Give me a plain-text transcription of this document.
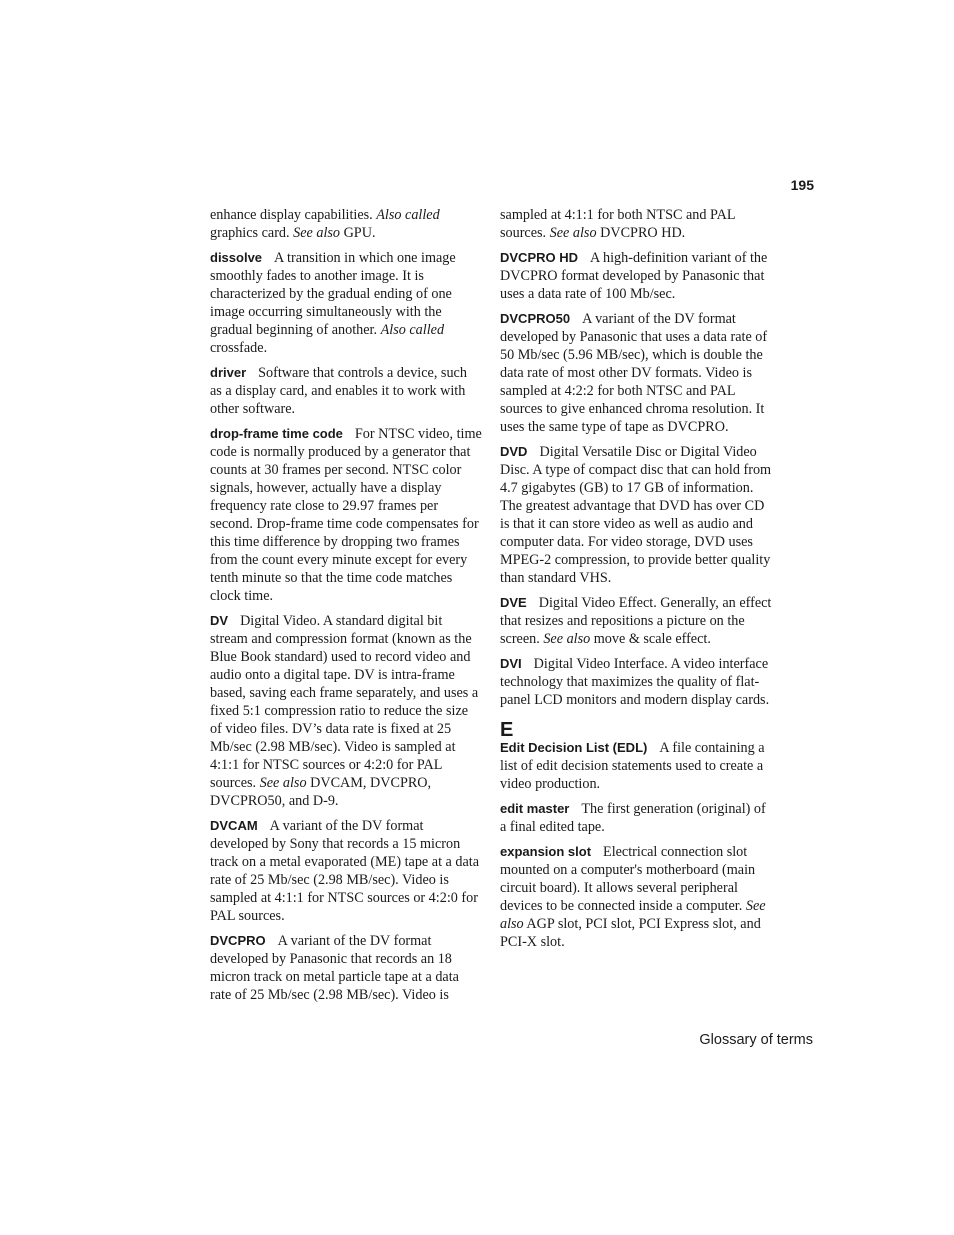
195

enhance display capabilities. Also called graphics card. See also GPU.

dissolve A transition in which one image smoothly fades to another image. It is characterized by the gradual ending of one image occurring simultaneously with the gradual beginning of another. Also called crossfade.

driver Software that controls a device, such as a display card, and enables it to work with other software.

drop-frame time code For NTSC video, time code is normally produced by a generator that counts at 30 frames per second. NTSC color signals, however, actually have a display frequency rate close to 29.97 frames per second. Drop-frame time code compensates for this time difference by dropping two frames from the count every minute except for every tenth minute so that the time code matches clock time.

DV Digital Video. A standard digital bit stream and compression format (known as the Blue Book standard) used to record video and audio onto a digital tape. DV is intra-frame based, saving each frame separately, and uses a fixed 5:1 compression ratio to reduce the size of video files. DV’s data rate is fixed at 25 Mb/sec (2.98 MB/sec). Video is sampled at 4:1:1 for NTSC sources or 4:2:0 for PAL sources. See also DVCAM, DVCPRO, DVCPRO50, and D-9.

DVCAM A variant of the DV format developed by Sony that records a 15 micron track on a metal evaporated (ME) tape at a data rate of 25 Mb/sec (2.98 MB/sec). Video is sampled at 4:1:1 for NTSC sources or 4:2:0 for PAL sources.

DVCPRO A variant of the DV format developed by Panasonic that records an 18 micron track on metal particle tape at a data rate of 25 Mb/sec (2.98 MB/sec). Video is

sampled at 4:1:1 for both NTSC and PAL sources. See also DVCPRO HD.

DVCPRO HD A high-definition variant of the DVCPRO format developed by Panasonic that uses a data rate of 100 Mb/sec.

DVCPRO50 A variant of the DV format developed by Panasonic that uses a data rate of 50 Mb/sec (5.96 MB/sec), which is double the data rate of most other DV formats. Video is sampled at 4:2:2 for both NTSC and PAL sources to give enhanced chroma resolution. It uses the same type of tape as DVCPRO.

DVD Digital Versatile Disc or Digital Video Disc. A type of compact disc that can hold from 4.7 gigabytes (GB) to 17 GB of information. The greatest advantage that DVD has over CD is that it can store video as well as audio and computer data. For video storage, DVD uses MPEG-2 compression, to provide better quality than standard VHS.

DVE Digital Video Effect. Generally, an effect that resizes and repositions a picture on the screen. See also move & scale effect.

DVI Digital Video Interface. A video interface technology that maximizes the quality of flat-panel LCD monitors and modern display cards.

E

Edit Decision List (EDL) A file containing a list of edit decision statements used to create a video production.

edit master The first generation (original) of a final edited tape.

expansion slot Electrical connection slot mounted on a computer's motherboard (main circuit board). It allows several peripheral devices to be connected inside a computer. See also AGP slot, PCI slot, PCI Express slot, and PCI-X slot.

Glossary of terms
